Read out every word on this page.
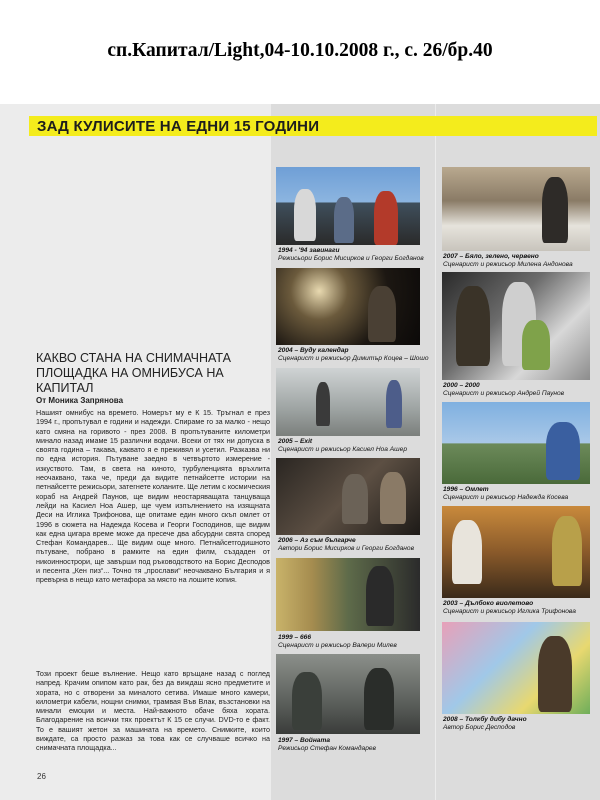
сп.Капитал/Light,04-10.10.2008 г., с. 26/бр.40
ЗАД КУЛИСИТЕ НА ЕДНИ 15 ГОДИНИ
КАКВО СТАНА НА СНИМАЧНАТА ПЛОЩАДКА НА ОМНИБУСА НА КАПИТАЛ
От Моника Запрянова
Нашият омнибус на времето. Номерът му е К 15. Тръгнал е през 1994 г., пропътувал е години и надежди. Спираме го за малко - нещо като смяна на горивото - през 2008. В пропътуваните километри минало назад имаме 15 различни водачи. Всеки от тях ни допуска в своята година – такава, каквато я е преживял и усетил. Разказва ни по една история. Пътуване заедно в четвъртото измерение - изкуството. Там, в света на киното, турбуленцията връхлита неочаквано, така че, преди да видите петнайсетте истории на петнайсетте режисьори, затегнете коланите. Ще летим с космическия кораб на Андрей Паунов, ще видим неостаряващата танцуваща лейди на Касиел Ноа Ашер, ще чуем изпълнението на изящната Деси на Иглика Трифонова, ще опитаме един много скъп омлет от 1996 в сюжета на Надежда Косева и Георги Господинов, ще видим как една цигара време може да пресече два абсурдни свята според Стефан Командарев... Ще видим още много. Петнайсетгодишното пътуване, побрано в рамките на един филм, създаден от никоиннострори, ще завърши под ръководството на Борис Десподов и песента „Кен пиз“... Точно тя „прослави“ неочаквано България и я превърна в нещо като метафора за място на лошите копия.
Този проект беше вълнение. Нещо като връщане назад с поглед напред. Крачим опипом като рак, без да виждаш ясно предметите и хората, но с отворени за миналото сетива. Имаше много камери, километри кабели, нощни снимки, трамвая Във Влак, възстановки на минали емоции и места. Най-важното обаче бяха хората. Благодарение на всички тях проектът К 15 се случи. DVD-то е факт. То е вашият жетон за машината на времето. Снимките, които виждате, са просто разказ за това как се случваше всичко на снимачната площадка...
26
1994 - '94 завинаги
Режисьори Борис Мисирков и Георги Богданов
2004 – Вуду календар
Сценарист и режисьор Димитър Коцев – Шошо
2005 – Exit
Сценарист и режисьор Касиел Ноа Ашер
2006 – Аз съм българче
Автори Борис Мисирков и Георги Богданов
1999 – 666
Сценарист и режисьор Валери Милев
1997 – Войната
Режисьор Стефан Командарев
2007 – Бяло, зелено, червено
Сценарист и режисьор Милена Андонова
2000 – 2000
Сценарист и режисьор Андрей Паунов
1996 – Омлет
Сценарист и режисьор Надежда Косева
2003 – Дълбоко виолетово
Сценарист и режисьор Иглика Трифонова
2008 – Толкбу дибу дачно
Автор Борис Десподов
